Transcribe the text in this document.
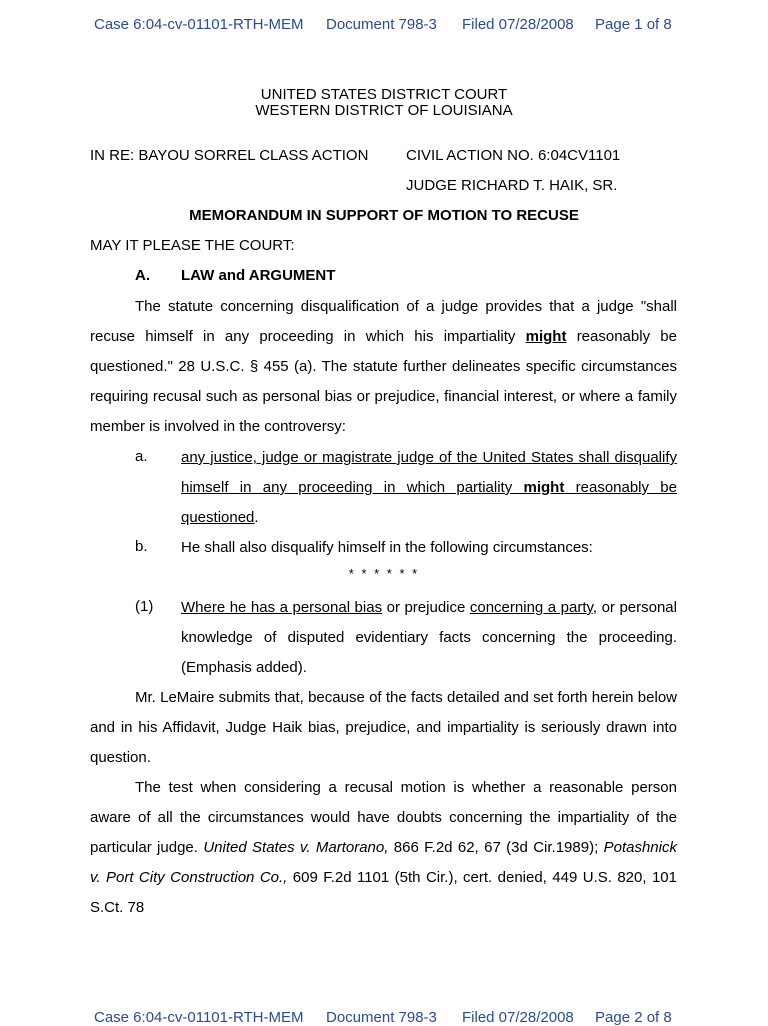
Case 6:04-cv-01101-RTH-MEM Document 798-3 Filed 07/28/2008 Page 1 of 8
UNITED STATES DISTRICT COURT
WESTERN DISTRICT OF LOUISIANA
IN RE: BAYOU SORREL CLASS ACTION	CIVIL ACTION NO. 6:04CV1101
JUDGE RICHARD T. HAIK, SR.
MEMORANDUM IN SUPPORT OF MOTION TO RECUSE
MAY IT PLEASE THE COURT:
A. LAW and ARGUMENT

The statute concerning disqualification of a judge provides that a judge "shall recuse himself in any proceeding in which his impartiality might reasonably be questioned." 28 U.S.C. § 455 (a). The statute further delineates specific circumstances requiring recusal such as personal bias or prejudice, financial interest, or where a family member is involved in the controversy:

a. any justice, judge or magistrate judge of the United States shall disqualify himself in any proceeding in which partiality might reasonably be questioned.

b. He shall also disqualify himself in the following circumstances:

* * * * * *
(1) Where he has a personal bias or prejudice concerning a party, or personal knowledge of disputed evidentiary facts concerning the proceeding. (Emphasis added).

Mr. LeMaire submits that, because of the facts detailed and set forth herein below and in his Affidavit, Judge Haik bias, prejudice, and impartiality is seriously drawn into question.

The test when considering a recusal motion is whether a reasonable person aware of all the circumstances would have doubts concerning the impartiality of the particular judge. United States v. Martorano, 866 F.2d 62, 67 (3d Cir.1989); Potashnick v. Port City Construction Co., 609 F.2d 1101 (5th Cir.), cert. denied, 449 U.S. 820, 101 S.Ct. 78

Case 6:04-cv-01101-RTH-MEM Document 798-3 Filed 07/28/2008 Page 2 of 8
